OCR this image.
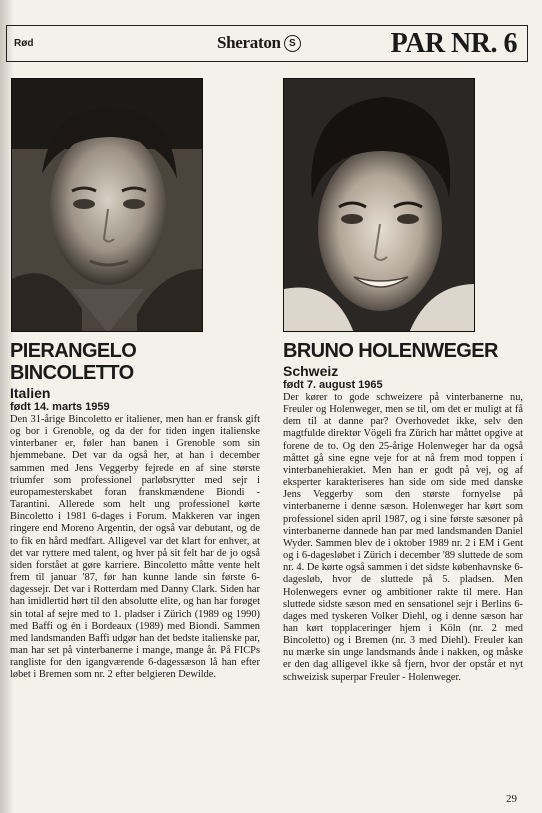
Rød	Sheraton S	PAR NR. 6

PIERANGELO

BINCOLETTO

Italien

født 14. marts 1959

Den 31-årige Bincoletto er italiener, men han er fransk gift og bor i Grenoble, og da der for tiden ingen italienske vinterbaner er, føler han banen i Grenoble som sin hjemmebane. Det var da også her, at han i december sammen med Jens Veggerby fejrede en af sine største triumfer som professionel parløbsrytter med sejr i europamesterskabet foran franskmændene Biondi - Tarantini. Allerede som helt ung professionel kørte Bincoletto i 1981 6-dages i Forum. Makkeren var ingen ringere end Moreno Argentin, der også var debutant, og de to fik en hård medfart. Alligevel var det klart for enhver, at det var ryttere med talent, og hver på sit felt har de jo også siden forstået at gøre karriere. Bincoletto måtte vente helt frem til januar '87, før han kunne lande sin første 6-dagessejr. Det var i Rotterdam med Danny Clark. Siden har han imidlertid hørt til den absolutte elite, og han har forøget sin total af sejre med to 1. pladser i Zürich (1989 og 1990) med Baffi og én i Bordeaux (1989) med Biondi. Sammen med landsmanden Baffi udgør han det bedste italienske par, man har set på vinterbanerne i mange, mange år. På FICPs rangliste for den igangværende 6-dagessæson lå han efter løbet i Bremen som nr. 2 efter belgieren Dewilde.

BRUNO HOLENWEGER

Schweiz

født 7. august 1965

Der kører to gode schweizere på vinterbanerne nu, Freuler og Holenweger, men se til, om det er muligt at få dem til at danne par? Overhovedet ikke, selv den magtfulde direktør Vögeli fra Zürich har måttet opgive at forene de to. Og den 25-årige Holenweger har da også måttet gå sine egne veje for at nå frem mod toppen i vinterbanehierakiet. Men han er godt på vej, og af eksperter karakteriseres han side om side med danske Jens Veggerby som den største fornyelse på vinterbanerne i denne sæson. Holenweger har kørt som professionel siden april 1987, og i sine første sæsoner på vinterbanerne dannede han par med landsmanden Daniel Wyder. Sammen blev de i oktober 1989 nr. 2 i EM i Gent og i 6-dagesløbet i Zürich i december '89 sluttede de som nr. 4. De kørte også sammen i det sidste københavnske 6-dagesløb, hvor de sluttede på 5. pladsen. Men Holenwegers evner og ambitioner rakte til mere. Han sluttede sidste sæson med en sensationel sejr i Berlins 6-dages med tyskeren Volker Diehl, og i denne sæson har han kørt topplaceringer hjem i Köln (nr. 2 med Bincoletto) og i Bremen (nr. 3 med Diehl). Freuler kan nu mærke sin unge landsmands ånde i nakken, og måske er den dag alligevel ikke så fjern, hvor der opstår et nyt schweizisk superpar Freuler - Holenweger.

29
